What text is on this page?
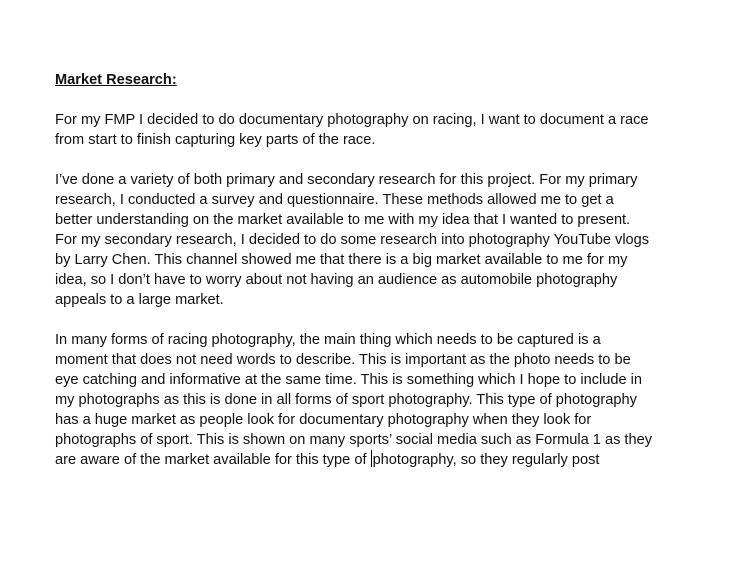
Market Research:
For my FMP I decided to do documentary photography on racing, I want to document a race
from start to finish capturing key parts of the race.
I’ve done a variety of both primary and secondary research for this project. For my primary
research, I conducted a survey and questionnaire. These methods allowed me to get a
better understanding on the market available to me with my idea that I wanted to present.
For my secondary research, I decided to do some research into photography YouTube vlogs
by Larry Chen. This channel showed me that there is a big market available to me for my
idea, so I don’t have to worry about not having an audience as automobile photography
appeals to a large market.
In many forms of racing photography, the main thing which needs to be captured is a
moment that does not need words to describe. This is important as the photo needs to be
eye catching and informative at the same time. This is something which I hope to include in
my photographs as this is done in all forms of sport photography. This type of photography
has a huge market as people look for documentary photography when they look for
photographs of sport. This is shown on many sports’ social media such as Formula 1 as they
are aware of the market available for this type of photography, so they regularly post
